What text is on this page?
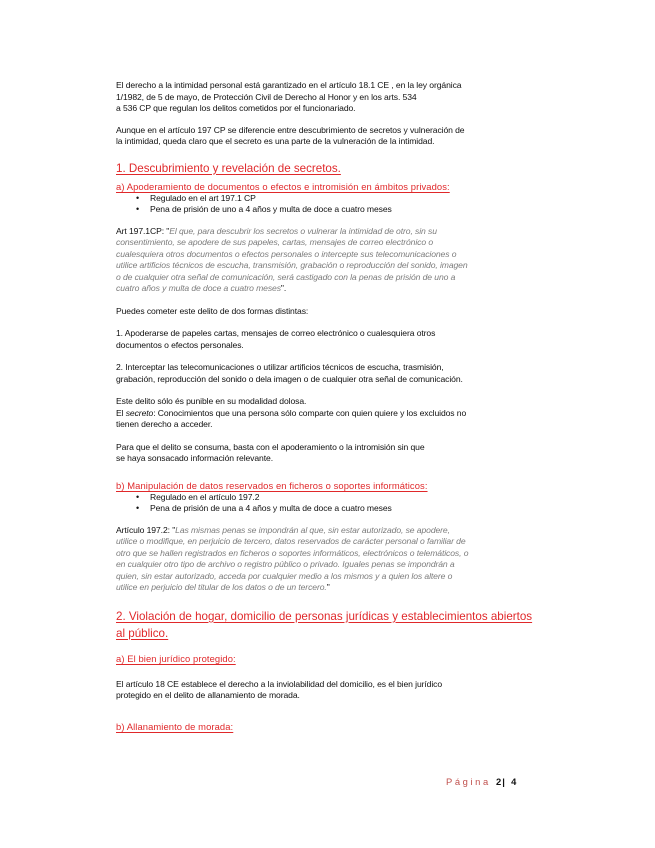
El derecho a la intimidad personal está garantizado en el artículo 18.1 CE , en la ley orgánica
1/1982, de 5 de mayo, de Protección Civil de Derecho al Honor y en los arts. 534
a 536 CP que regulan los delitos cometidos por el funcionariado.

Aunque en el artículo 197 CP se diferencie entre descubrimiento de secretos y vulneración de
la intimidad, queda claro que el secreto es una parte de la vulneración de la intimidad.

1. Descubrimiento y revelación de secretos.
a) Apoderamiento de documentos o efectos e intromisión en ámbitos privados:
• Regulado en el art 197.1 CP
• Pena de prisión de uno a 4 años y multa de doce a cuatro meses

Art 197.1CP: "El que, para descubrir los secretos o vulnerar la intimidad de otro, sin su
consentimiento, se apodere de sus papeles, cartas, mensajes de correo electrónico o
cualesquiera otros documentos o efectos personales o intercepte sus telecomunicaciones o
utilice artificios técnicos de escucha, transmisión, grabación o reproducción del sonido, imagen
o de cualquier otra señal de comunicación, será castigado con la penas de prisión de uno a
cuatro años y multa de doce a cuatro meses".

Puedes cometer este delito de dos formas distintas:

1. Apoderarse de papeles cartas, mensajes de correo electrónico o cualesquiera otros
documentos o efectos personales.

2. Interceptar las telecomunicaciones o utilizar artificios técnicos de escucha, trasmisión,
grabación, reproducción del sonido o dela imagen o de cualquier otra señal de comunicación.

Este delito sólo és punible en su modalidad dolosa.
El secreto: Conocimientos que una persona sólo comparte con quien quiere y los excluidos no
tienen derecho a acceder.

Para que el delito se consuma, basta con el apoderamiento o la intromisión sin que
se haya sonsacado información relevante.

b) Manipulación de datos reservados en ficheros o soportes informáticos:
• Regulado en el artículo 197.2
• Pena de prisión de una a 4 años y multa de doce a cuatro meses

Artículo 197.2: "Las mismas penas se impondrán al que, sin estar autorizado, se apodere,
utilice o modifique, en perjuicio de tercero, datos reservados de carácter personal o familiar de
otro que se hallen registrados en ficheros o soportes informáticos, electrónicos o telemáticos, o
en cualquier otro tipo de archivo o registro público o privado. Iguales penas se impondrán a
quien, sin estar autorizado, acceda por cualquier medio a los mismos y a quien los altere o
utilice en perjuicio del titular de los datos o de un tercero."

2. Violación de hogar, domicilio de personas jurídicas y establecimientos abiertos
al público.
a) El bien jurídico protegido:

El artículo 18 CE establece el derecho a la inviolabilidad del domicilio, es el bien jurídico
protegido en el delito de allanamiento de morada.

b) Allanamiento de morada:
Página 2| 4
